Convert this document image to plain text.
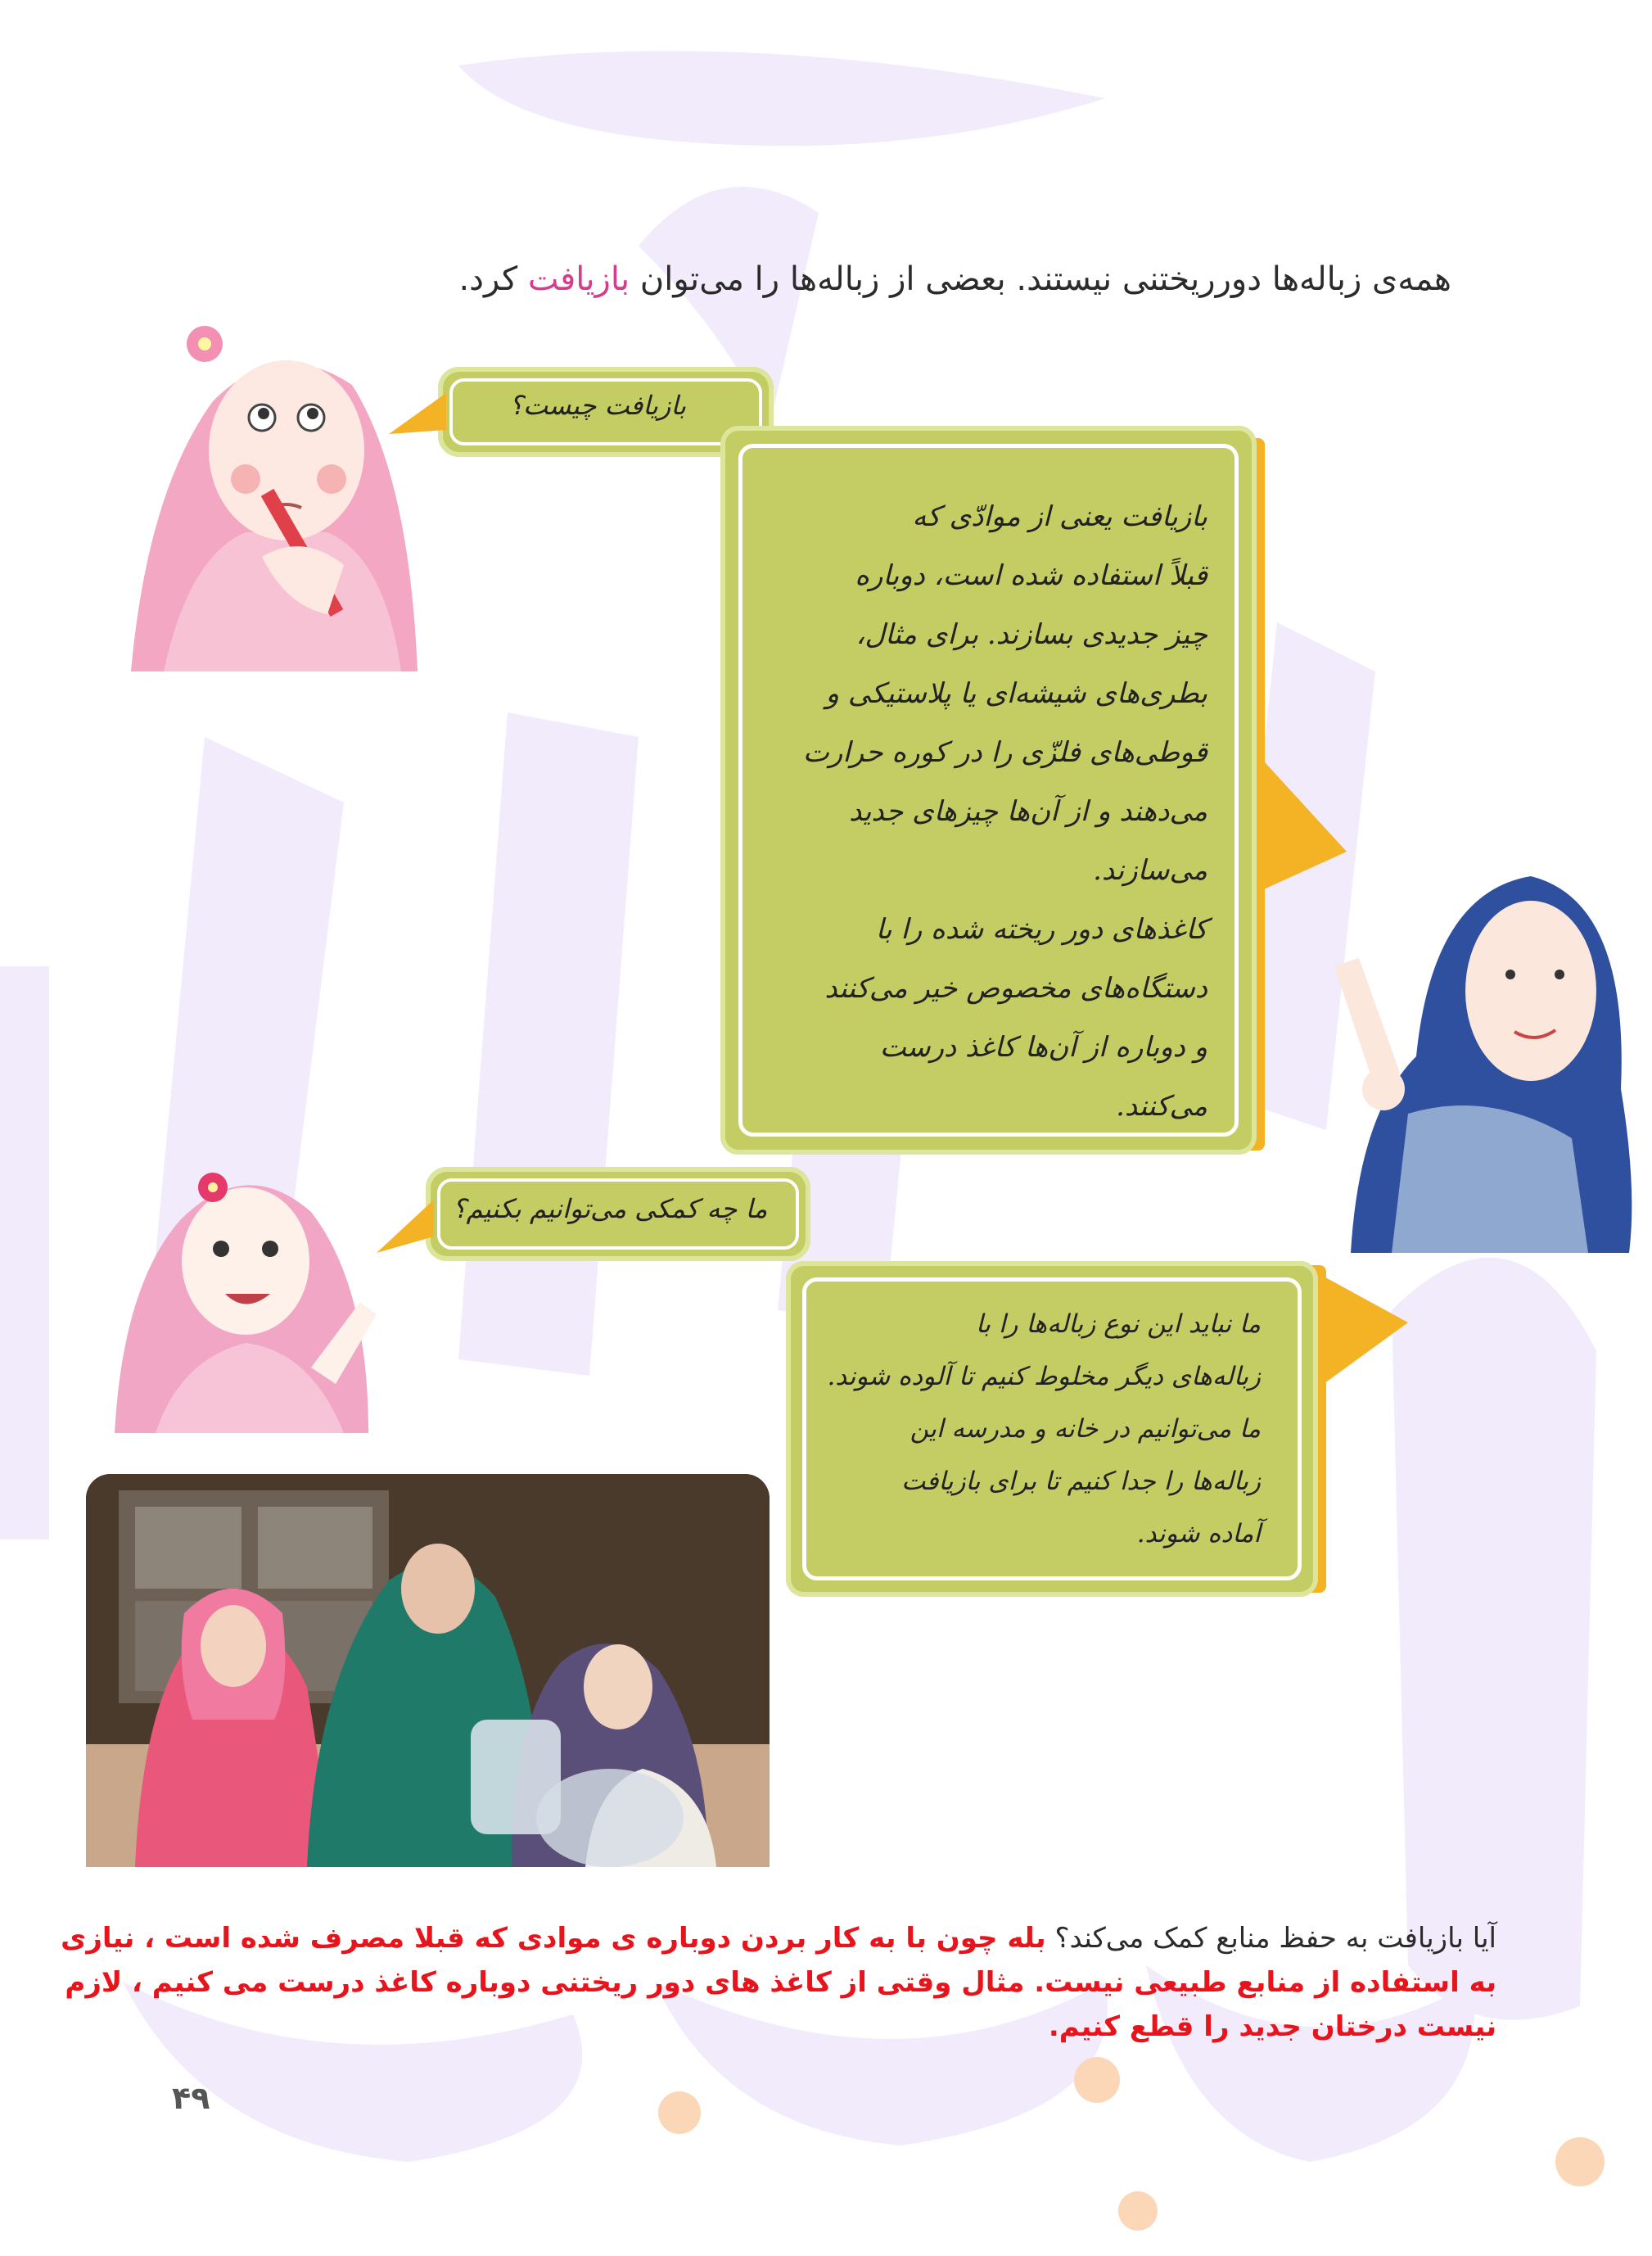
همه‌ی زباله‌ها دورریختنی نیستند. بعضی از زباله‌ها را می‌توان بازیافت کرد.
بازیافت چیست؟
بازیافت یعنی از موادّی که
قبلاً استفاده شده است، دوباره
چیز جدیدی بسازند. برای مثال،
بطری‌های شیشه‌ای یا پلاستیکی و
قوطی‌های فلزّی را در کوره حرارت
می‌دهند و از آن‌ها چیزهای جدید
می‌سازند.
کاغذهای دور ریخته شده را با
دستگاه‌های مخصوص خیر می‌کنند
و دوباره از آن‌ها کاغذ درست
می‌کنند.
ما چه کمکی می‌توانیم بکنیم؟
ما نباید این نوع زباله‌ها را با
زباله‌های دیگر مخلوط کنیم تا آلوده شوند.
ما می‌توانیم در خانه و مدرسه این
زباله‌ها را جدا کنیم تا برای بازیافت
آماده شوند.
آیا بازیافت به حفظ منابع کمک می‌کند؟ بله چون با به کار بردن دوباره ی موادی که قبلا مصرف شده است ، نیازی به استفاده از منابع طبیعی نیست. مثال وقتی از کاغذ های دور ریختنی دوباره کاغذ درست می کنیم ، لازم نیست درختان جدید را قطع کنیم.
۴۹
